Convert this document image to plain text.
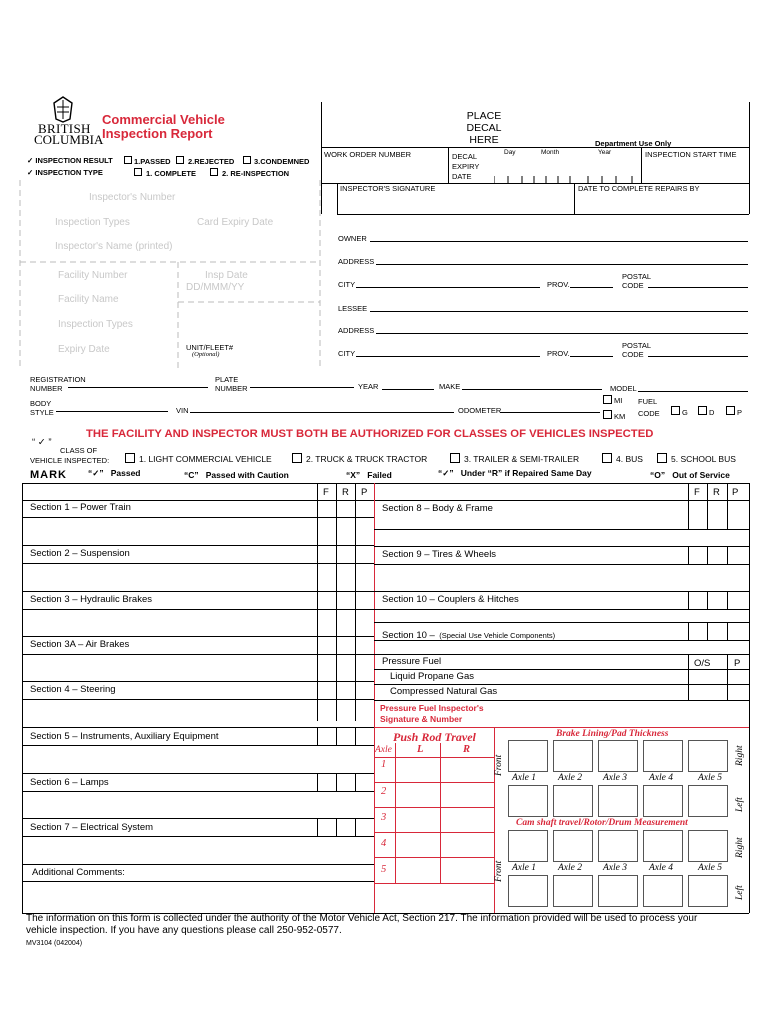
BRITISH
COLUMBIA
Commercial Vehicle
Inspection Report
PLACE
DECAL
HERE	Department Use Only
WORK ORDER NUMBER	DECAL
EXPIRY
DATE
Day	Month	Year	INSPECTION START TIME
INSPECTOR'S SIGNATURE	DATE TO COMPLETE REPAIRS BY
✓ INSPECTION RESULT	1.PASSED 2.REJECTED	3.CONDEMNED
✓ INSPECTION TYPE	1. COMPLETE	2. RE-INSPECTION
Inspector's Number
Inspection Types	Card Expiry Date
Inspector's Name (printed)
Facility Number	Insp Date
DD/MMM/YY
Facility Name
Inspection Types
Expiry Date	UNIT/FLEET#
(Optional)
OWNER
ADDRESS
CITY	PROV.
POSTAL
CODE
LESSEE
ADDRESS
CITY	PROV.
POSTAL
CODE
REGISTRATION
NUMBER
PLATE
NUMBER	YEAR	MAKE	MODEL
BODY
STYLE	VIN	ODOMETER
MI
KM
FUEL
CODE	G	D	P
THE FACILITY AND INSPECTOR MUST BOTH BE AUTHORIZED FOR CLASSES OF VEHICLES INSPECTED
“ ✓ ”
CLASS OF
VEHICLE INSPECTED:	1. LIGHT COMMERCIAL VEHICLE	2. TRUCK & TRUCK TRACTOR	3. TRAILER & SEMI-TRAILER	4. BUS	5. SCHOOL BUS
MARK “✓” Passed	“C” Passed with Caution	“X” Failed	“✓” Under “R” if Repaired Same Day	“O” Out of Service
F R P
Section 1 – Power Train
Section 2 – Suspension
Section 3 – Hydraulic Brakes
Section 3A – Air Brakes
Section 4 – Steering
Section 5 – Instruments, Auxiliary Equipment
Section 6 – Lamps
Section 7 – Electrical System
Additional Comments:
F R P
Section 8 – Body & Frame
Section 9 – Tires & Wheels
Section 10 – Couplers & Hitches
Section 10 – (Special Use Vehicle Components)
Pressure Fuel	O/S P
Liquid Propane Gas
Compressed Natural Gas
Pressure Fuel Inspector's
Signature & Number
Push Rod Travel
Axle L	R
1
2
3
4
5
Brake Lining/Pad Thickness
Axle 1 Axle 2 Axle 3 Axle 4	Axle 5
Front	Right
Left
Cam shaft travel/Rotor/Drum Measurement
Axle 1 Axle 2 Axle 3 Axle 4	Axle 5
Front
Right
Left
The information on this form is collected under the authority of the Motor Vehicle Act, Section 217. The information provided will be used to process your
vehicle inspection. If you have any questions please call 250-952-0577.
MV3104 (042004)
